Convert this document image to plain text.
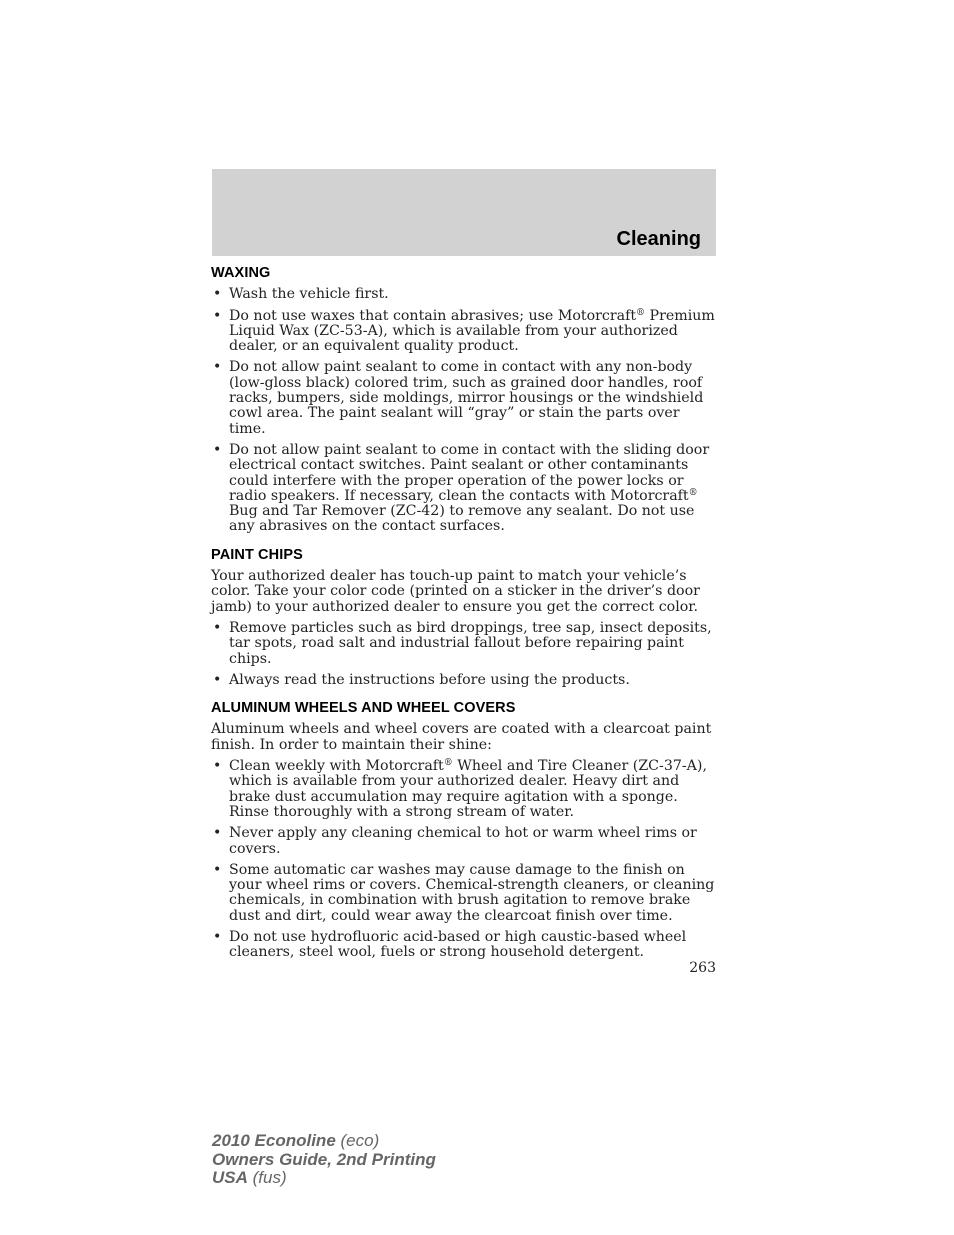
Cleaning
WAXING
• Wash the vehicle first.
• Do not use waxes that contain abrasives; use Motorcraft® Premium Liquid Wax (ZC-53-A), which is available from your authorized dealer, or an equivalent quality product.
• Do not allow paint sealant to come in contact with any non-body (low-gloss black) colored trim, such as grained door handles, roof racks, bumpers, side moldings, mirror housings or the windshield cowl area. The paint sealant will “gray” or stain the parts over time.
• Do not allow paint sealant to come in contact with the sliding door electrical contact switches. Paint sealant or other contaminants could interfere with the proper operation of the power locks or radio speakers. If necessary, clean the contacts with Motorcraft® Bug and Tar Remover (ZC-42) to remove any sealant. Do not use any abrasives on the contact surfaces.
PAINT CHIPS

Your authorized dealer has touch-up paint to match your vehicle’s color. Take your color code (printed on a sticker in the driver’s door jamb) to your authorized dealer to ensure you get the correct color.

• Remove particles such as bird droppings, tree sap, insect deposits, tar spots, road salt and industrial fallout before repairing paint chips.
• Always read the instructions before using the products.
ALUMINUM WHEELS AND WHEEL COVERS

Aluminum wheels and wheel covers are coated with a clearcoat paint finish. In order to maintain their shine:

• Clean weekly with Motorcraft® Wheel and Tire Cleaner (ZC-37-A), which is available from your authorized dealer. Heavy dirt and brake dust accumulation may require agitation with a sponge. Rinse thoroughly with a strong stream of water.
• Never apply any cleaning chemical to hot or warm wheel rims or covers.
• Some automatic car washes may cause damage to the finish on your wheel rims or covers. Chemical-strength cleaners, or cleaning chemicals, in combination with brush agitation to remove brake dust and dirt, could wear away the clearcoat finish over time.
• Do not use hydrofluoric acid-based or high caustic-based wheel cleaners, steel wool, fuels or strong household detergent.
263
2010 Econoline (eco)
Owners Guide, 2nd Printing
USA (fus)
